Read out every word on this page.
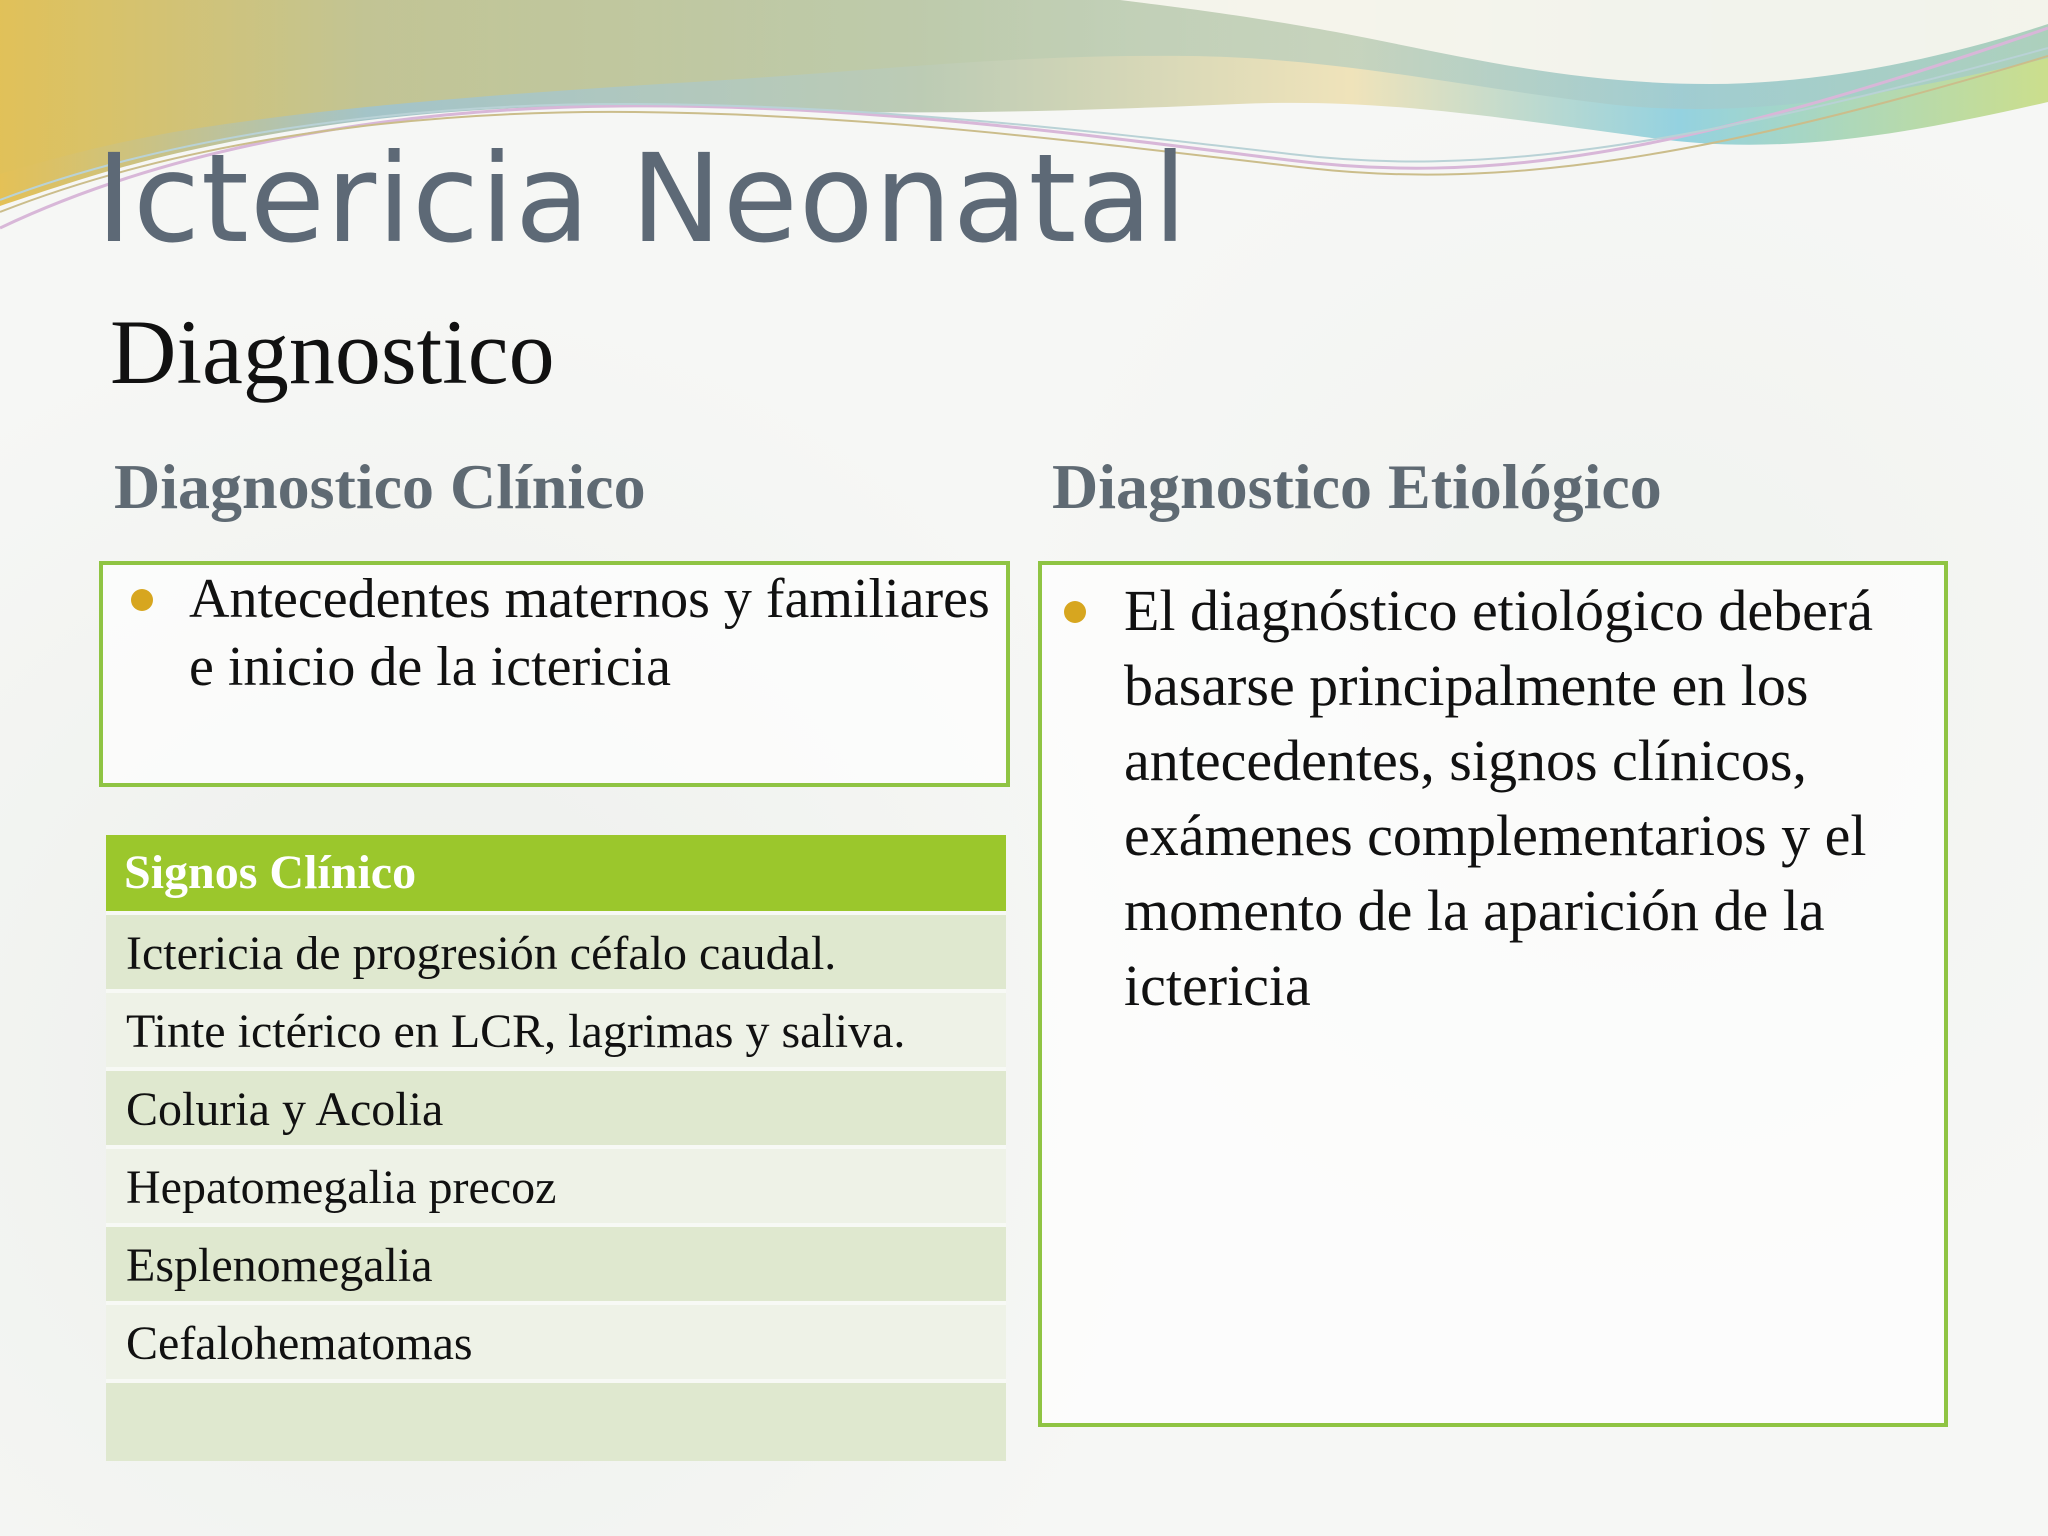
Ictericia Neonatal
Diagnostico
Diagnostico Clínico	Diagnostico Etiológico

Antecedentes maternos y familiares e inicio de la ictericia

Signos Clínico
Ictericia de progresión céfalo caudal.
Tinte ictérico en LCR, lagrimas y saliva.
Coluria y Acolia
Hepatomegalia precoz
Esplenomegalia
Cefalohematomas

El diagnóstico etiológico deberá basarse principalmente en los antecedentes, signos clínicos, exámenes complementarios y el momento de la aparición de la ictericia
